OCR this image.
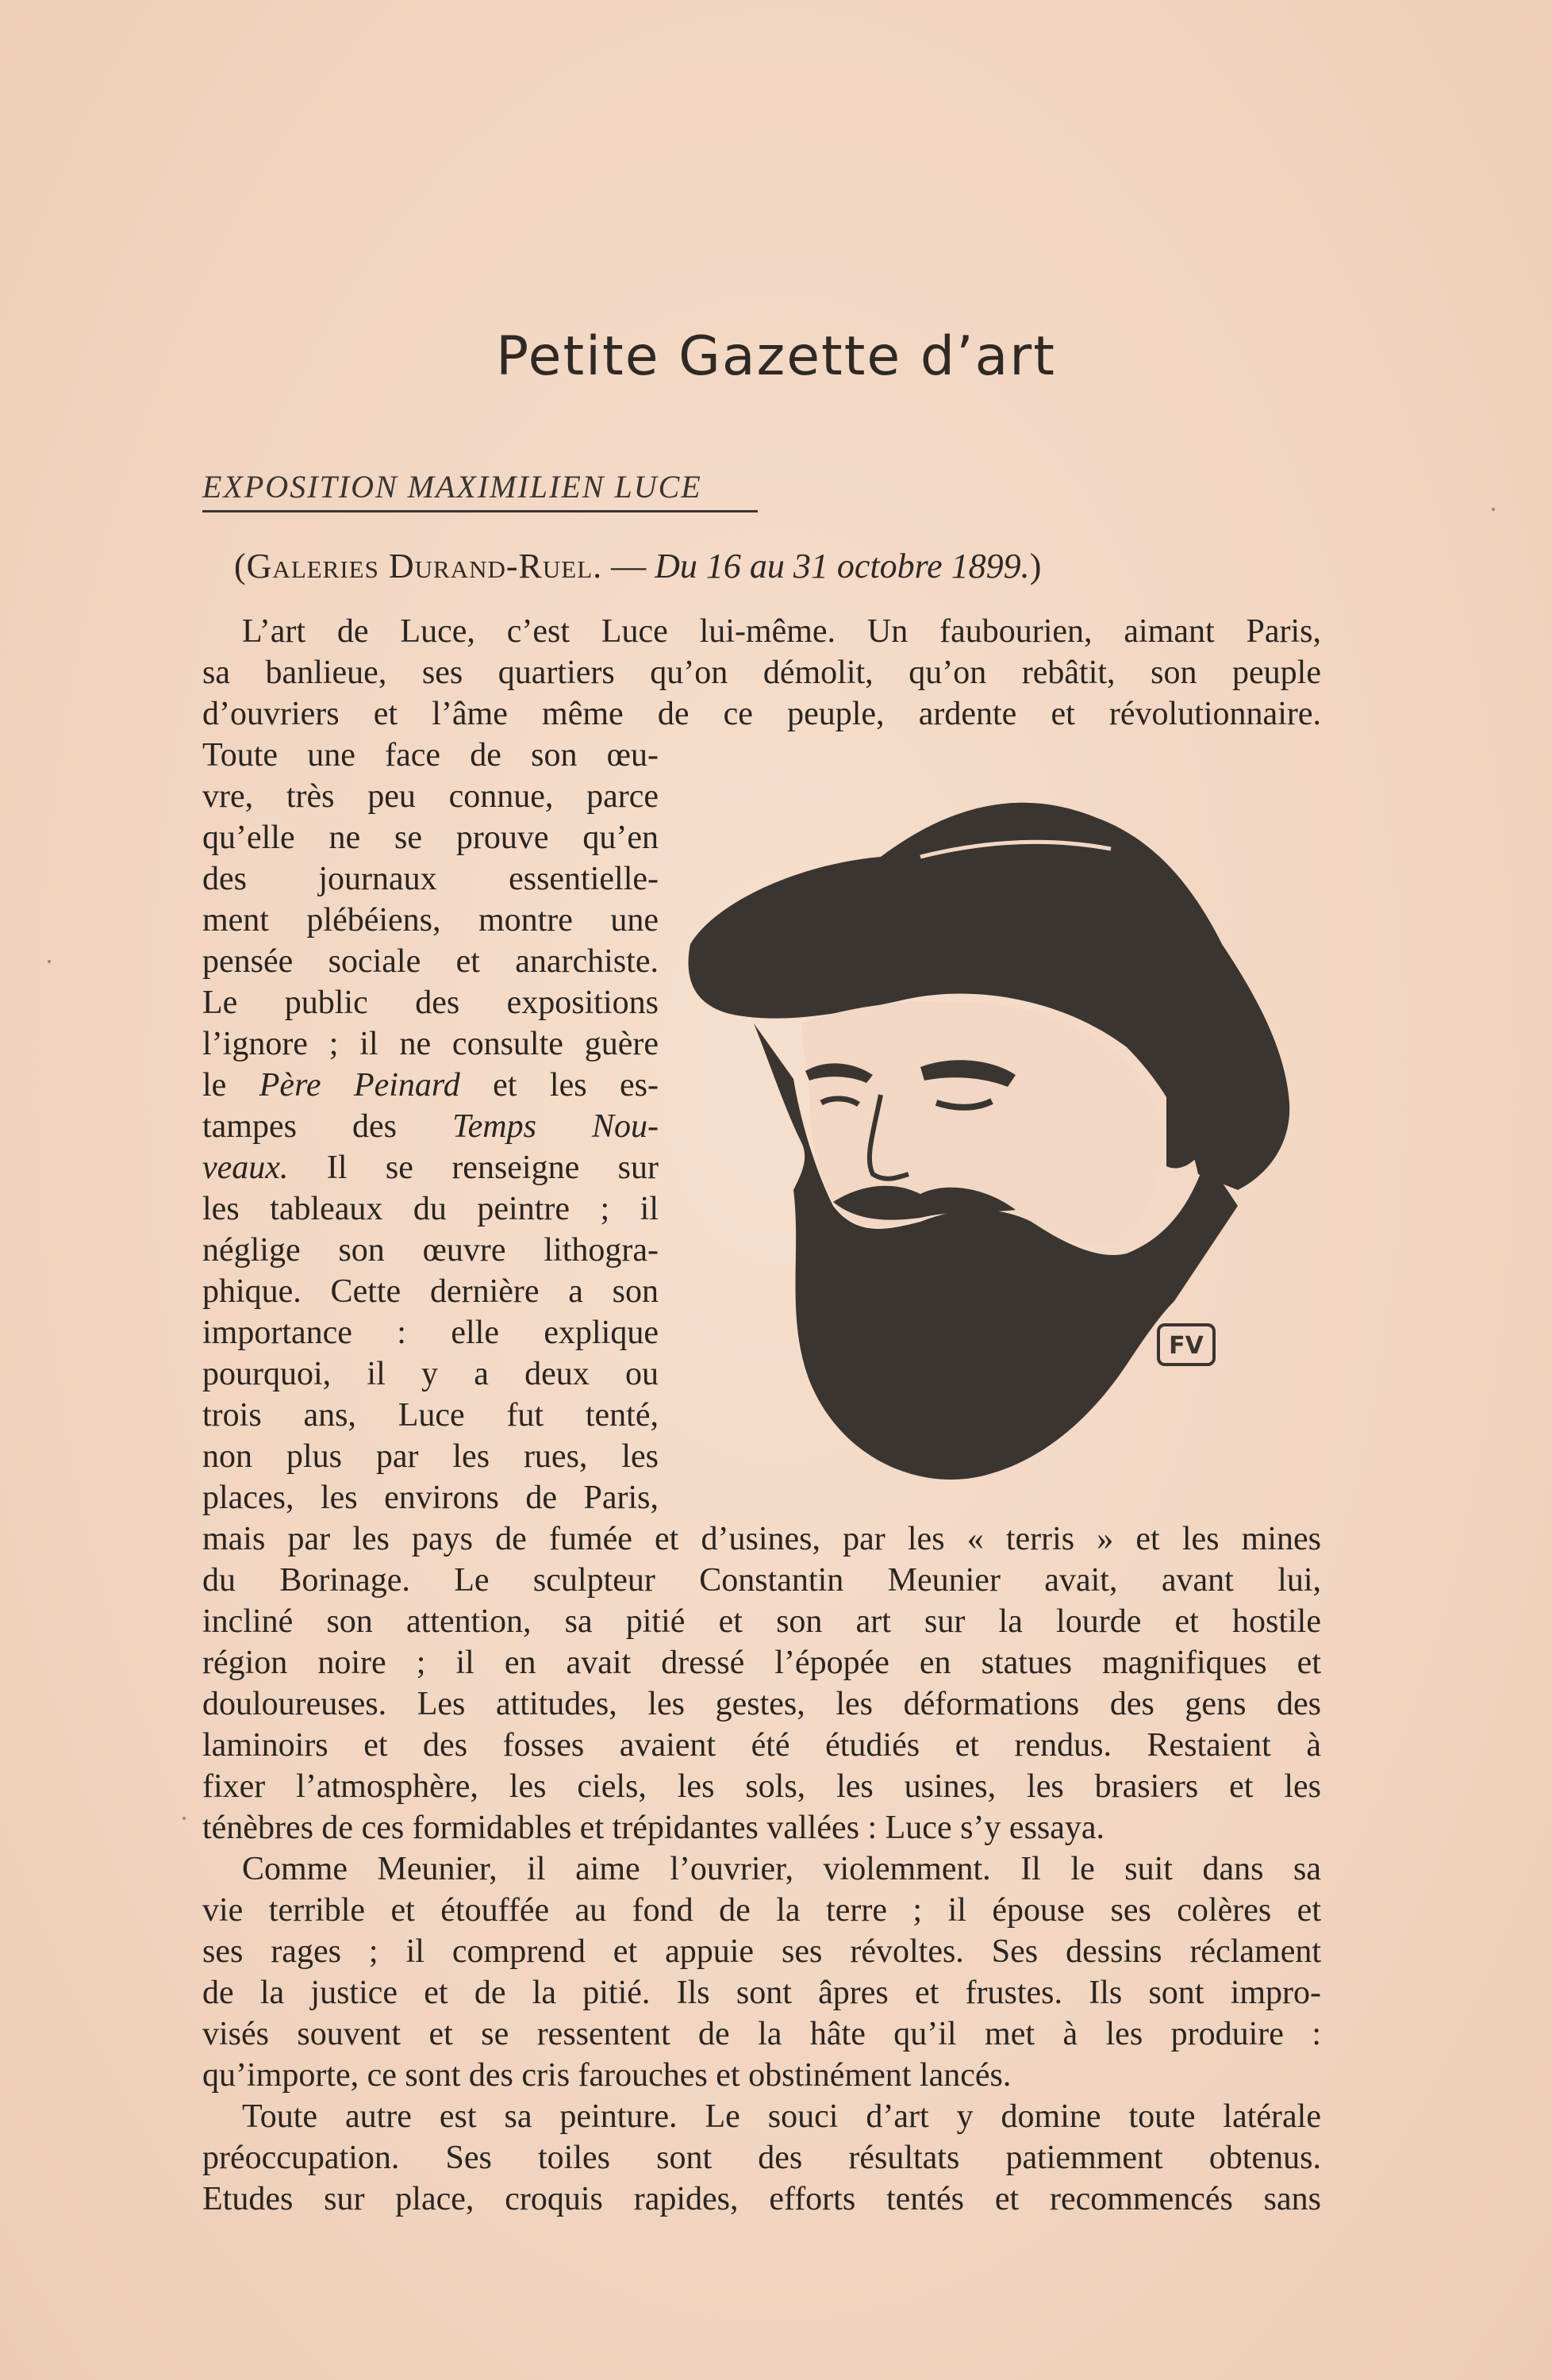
Petite Gazette d’art
EXPOSITION MAXIMILIEN LUCE
(Galeries Durand-Ruel. — Du 16 au 31 octobre 1899.)
L’art de Luce, c’est Luce lui-même. Un faubourien, aimant Paris,
sa banlieue, ses quartiers qu’on démolit, qu’on rebâtit, son peuple
d’ouvriers et l’âme même de ce peuple, ardente et révolutionnaire.
Toute une face de son œu-
vre, très peu connue, parce
qu’elle ne se prouve qu’en
des journaux essentielle-
ment plébéiens, montre une
pensée sociale et anarchiste.
Le public des expositions
l’ignore ; il ne consulte guère
le Père Peinard et les es-
tampes des Temps Nou-
veaux. Il se renseigne sur
les tableaux du peintre ; il
néglige son œuvre lithogra-
phique. Cette dernière a son
importance : elle explique
pourquoi, il y a deux ou
trois ans, Luce fut tenté,
non plus par les rues, les
places, les environs de Paris,
FV
mais par les pays de fumée et d’usines, par les « terris » et les mines
du Borinage. Le sculpteur Constantin Meunier avait, avant lui,
incliné son attention, sa pitié et son art sur la lourde et hostile
région noire ; il en avait dressé l’épopée en statues magnifiques et
douloureuses. Les attitudes, les gestes, les déformations des gens des
laminoirs et des fosses avaient été étudiés et rendus. Restaient à
fixer l’atmosphère, les ciels, les sols, les usines, les brasiers et les
ténèbres de ces formidables et trépidantes vallées : Luce s’y essaya.
Comme Meunier, il aime l’ouvrier, violemment. Il le suit dans sa
vie terrible et étouffée au fond de la terre ; il épouse ses colères et
ses rages ; il comprend et appuie ses révoltes. Ses dessins réclament
de la justice et de la pitié. Ils sont âpres et frustes. Ils sont impro-
visés souvent et se ressentent de la hâte qu’il met à les produire :
qu’importe, ce sont des cris farouches et obstinément lancés.
Toute autre est sa peinture. Le souci d’art y domine toute latérale
préoccupation. Ses toiles sont des résultats patiemment obtenus.
Etudes sur place, croquis rapides, efforts tentés et recommencés sans
